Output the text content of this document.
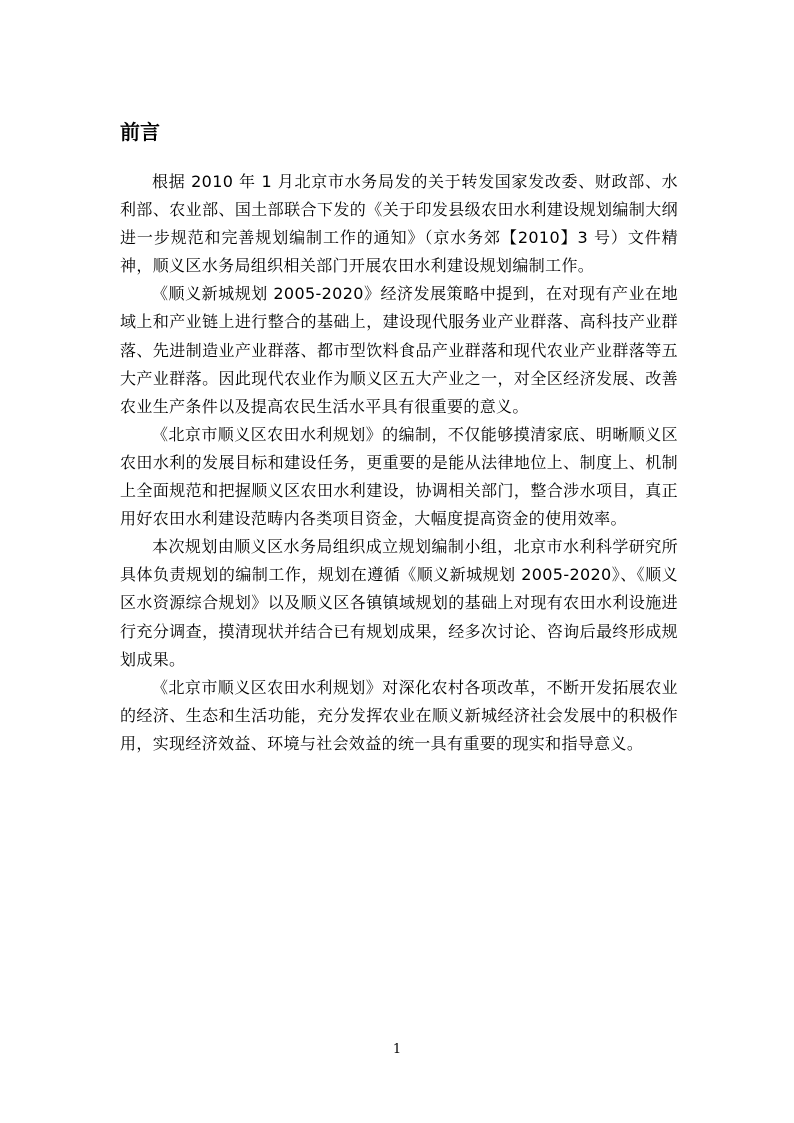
前言

根据 2010 年 1 月北京市水务局发的关于转发国家发改委、财政部、水利部、农业部、国土部联合下发的《关于印发县级农田水利建设规划编制大纲进一步规范和完善规划编制工作的通知》（京水务郊【2010】3 号）文件精神，顺义区水务局组织相关部门开展农田水利建设规划编制工作。

《顺义新城规划 2005-2020》经济发展策略中提到，在对现有产业在地域上和产业链上进行整合的基础上，建设现代服务业产业群落、高科技产业群落、先进制造业产业群落、都市型饮料食品产业群落和现代农业产业群落等五大产业群落。因此现代农业作为顺义区五大产业之一，对全区经济发展、改善农业生产条件以及提高农民生活水平具有很重要的意义。

《北京市顺义区农田水利规划》的编制，不仅能够摸清家底、明晰顺义区农田水利的发展目标和建设任务，更重要的是能从法律地位上、制度上、机制上全面规范和把握顺义区农田水利建设，协调相关部门，整合涉水项目，真正用好农田水利建设范畴内各类项目资金，大幅度提高资金的使用效率。

本次规划由顺义区水务局组织成立规划编制小组，北京市水利科学研究所具体负责规划的编制工作，规划在遵循《顺义新城规划 2005-2020》、《顺义区水资源综合规划》以及顺义区各镇镇域规划的基础上对现有农田水利设施进行充分调查，摸清现状并结合已有规划成果，经多次讨论、咨询后最终形成规划成果。

《北京市顺义区农田水利规划》对深化农村各项改革，不断开发拓展农业的经济、生态和生活功能，充分发挥农业在顺义新城经济社会发展中的积极作用，实现经济效益、环境与社会效益的统一具有重要的现实和指导意义。

1
